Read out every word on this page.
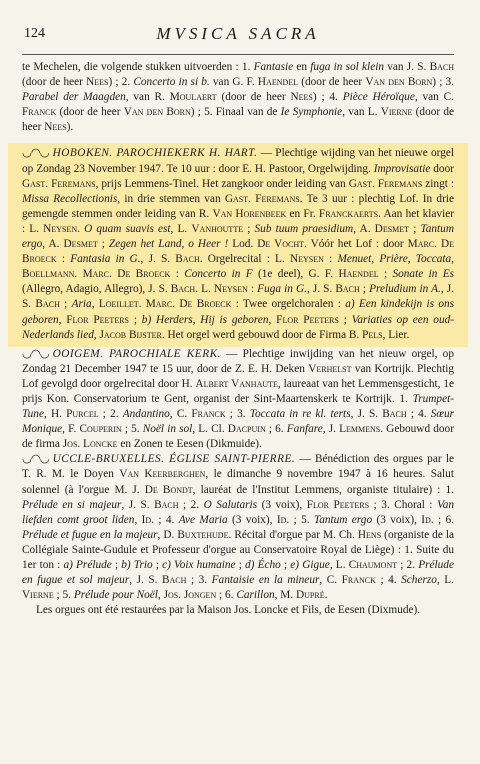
124	MVSICA SACRA

te Mechelen, die volgende stukken uitvoerden : 1. Fantasie en fuga in sol klein van J. S. Bach (door de heer Nees) ; 2. Concerto in si b. van G. F. Haendel (door de heer Van den Born) ; 3. Parabel der Maagden, van R. Moulaert (door de heer Nees) ; 4. Pièce Héroïque, van C. Franck (door de heer Van den Born) ; 5. Finaal van de Ie Symphonie, van L. Vierne (door de heer Nees).

◡◠◡ HOBOKEN. PAROCHIEKERK H. HART. — Plechtige wijding van het nieuwe orgel op Zondag 23 November 1947. Te 10 uur : door E. H. Pastoor, Orgelwijding. Improvisatie door Gast. Feremans, prijs Lemmens-Tinel. Het zangkoor onder leiding van Gast. Feremans zingt : Missa Recollectionis, in drie stemmen van Gast. Feremans. Te 3 uur : plechtig Lof. In drie gemengde stemmen onder leiding van R. Van Horenbeek en Fr. Franckaerts. Aan het klavier : L. Neysen. O quam suavis est, L. Vanhoutte ; Sub tuum praesidium, A. Desmet ; Tantum ergo, A. Desmet ; Zegen het Land, o Heer ! Lod. De Vocht. Vóór het Lof : door Marc. De Broeck : Fantasia in G., J. S. Bach. Orgelrecital : L. Neysen : Menuet, Prière, Toccata, Boellmann. Marc. De Broeck : Concerto in F (1e deel), G. F. Haendel ; Sonate in Es (Allegro, Adagio, Allegro), J. S. Bach. L. Neysen : Fuga in G., J. S. Bach ; Preludium in A., J. S. Bach ; Aria, Loeillet. Marc. De Broeck : Twee orgelchoralen : a) Een kindekijn is ons geboren, Flor Peeters ; b) Herders, Hij is geboren, Flor Peeters ; Variaties op een oud-Nederlands lied, Jacob Bijster. Het orgel werd gebouwd door de Firma B. Pels, Lier.

◡◠◡ OOIGEM. PAROCHIALE KERK. — Plechtige inwijding van het nieuw orgel, op Zondag 21 December 1947 te 15 uur, door de Z. E. H. Deken Verhelst van Kortrijk. Plechtig Lof gevolgd door orgelrecital door H. Albert Vanhaute, laureaat van het Lemmensgesticht, 1e prijs Kon. Conservatorium te Gent, organist der Sint-Maartenskerk te Kortrijk. 1. Trumpet-Tune, H. Purcel ; 2. Andantino, C. Franck ; 3. Toccata in re kl. terts, J. S. Bach ; 4. Sœur Monique, F. Couperin ; 5. Noël in sol, L. Cl. Dacpuin ; 6. Fanfare, J. Lemmens. Gebouwd door de firma Jos. Loncke en Zonen te Eesen (Dikmuide).

◡◠◡ UCCLE-BRUXELLES. ÉGLISE SAINT-PIERRE. — Bénédiction des orgues par le T. R. M. le Doyen Van Keerberghen, le dimanche 9 novembre 1947 à 16 heures. Salut solennel (à l'orgue M. J. De Bondt, lauréat de l'Institut Lemmens, organiste titulaire) : 1. Prélude en si majeur, J. S. Bach ; 2. O Salutaris (3 voix), Flor Peeters ; 3. Choral : Van liefden comt groot liden, Id. ; 4. Ave Maria (3 voix), Id. ; 5. Tantum ergo (3 voix), Id. ; 6. Prélude et fugue en la majeur, D. Buxtehude. Récital d'orgue par M. Ch. Hens (organiste de la Collégiale Sainte-Gudule et Professeur d'orgue au Conservatoire Royal de Liège) : 1. Suite du 1er ton : a) Prélude ; b) Trio ; c) Voix humaine ; d) Écho ; e) Gigue, L. Chaumont ; 2. Prélude en fugue et sol majeur, J. S. Bach ; 3. Fantaisie en la mineur, C. Franck ; 4. Scherzo, L. Vierne ; 5. Prélude pour Noël, Jos. Jongen ; 6. Carillon, M. Dupré.

Les orgues ont été restaurées par la Maison Jos. Loncke et Fils, de Eesen (Dixmude).
